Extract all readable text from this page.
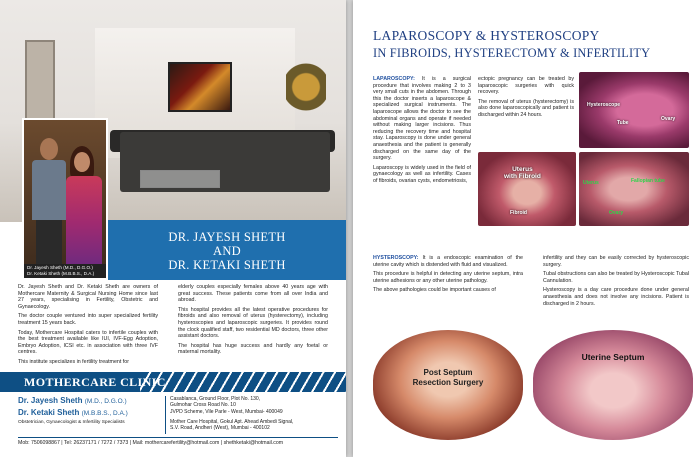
Dr. Jayesh Sheth (M.D., D.G.O.)
Dr. Ketaki Sheth (M.B.B.S., D.A.)
DR. JAYESH SHETH
AND
DR. KETAKI SHETH

Dr. Jayesh Sheth and Dr. Ketaki Sheth are owners of Mothercare Maternity & Surgical Nursing Home since last 27 years, specialising in Fertility, Obstetric and Gynaecology.

The doctor couple ventured into super specialized fertility treatment 15 years back.

Today, Mothercare Hospital caters to infertile couples with the best treatment available like IUI, IVF-Egg Adoption, Embryo Adoption, ICSI etc. in association with three IVF centres.

This institute specializes in fertility treatment for

elderly couples especially females above 40 years age with great success. These patients come from all over India and abroad.

This hospital provides all the latest operative procedures for fibroids and also removal of uterus (hysterectomy), including hysteroscopies and laparoscopic surgeries. It provides round the clock qualified staff, two residential MD doctors, three other assistant doctors.

The hospital has huge success and hardly any foetal or maternal mortality.

MOTHERCARE CLINIC
Dr. Jayesh Sheth (M.D., D.G.O.)
Dr. Ketaki Sheth (M.B.B.S., D.A.)
Obstetrician, Gynaecologist & Infertility Specialists
Casablanca, Ground Floor, Plot No. 130,
Gulmohar Cross Road No. 10
JVPD Scheme, Vile Parle - West, Mumbai- 400049
Mother Care Hospital, Gokul Apt. Ahead Ambedi Signal,
S.V. Road, Andheri (West), Mumbai - 400102
Mob: 7506098867 | Tel: 26237171 / 7272 / 7373 | Mail: mothercarefertility@hotmail.com | shethketaki@hotmail.com
LAPAROSCOPY & HYSTEROSCOPY
IN FIBROIDS, HYSTERECTOMY & INFERTILITY

LAPAROSCOPY: It is a surgical procedure that involves making 2 to 3 very small cuts in the abdomen. Through this the doctor inserts a laparoscope & specialized surgical instruments. The laparoscope allows the doctor to see the abdominal organs and operate if needed without making larger incisions. Thus reducing the recovery time and hospital stay. Laparoscopy is done under general anaesthesia and the patient is generally discharged on the same day of the surgery.

Laparoscopy is widely used in the field of gynaecology as well as infertility. Cases of fibroids, ovarian cysts, endometriosis,

ectopic pregnancy can be treated by laparoscopic surgeries with quick recovery.

The removal of uterus (hysterectomy) is also done laparoscopically and patient is discharged within 24 hours.

Hysteroscope
Tube
Ovary
Uterus
with Fibroid
Fibroid
Uterus
Ovary
Fallopian tube

HYSTEROSCOPY: It is a endoscopic examination of the uterine cavity which is distended with fluid and visualized.

This procedure is helpful in detecting any uterine septum, intra uterine adhesions or any other uterine pathology.

The above pathologies could be important causes of

infertility and they can be easily corrected by hysteroscopic surgery.

Tubal obstructions can also be treated by Hysteroscopic Tubal Cannulation.

Hysteroscopy is a day care procedure done under general anaesthesia and does not involve any incisions. Patient is discharged in 2 hours.

Post Septum
Resection Surgery
Uterine Septum
